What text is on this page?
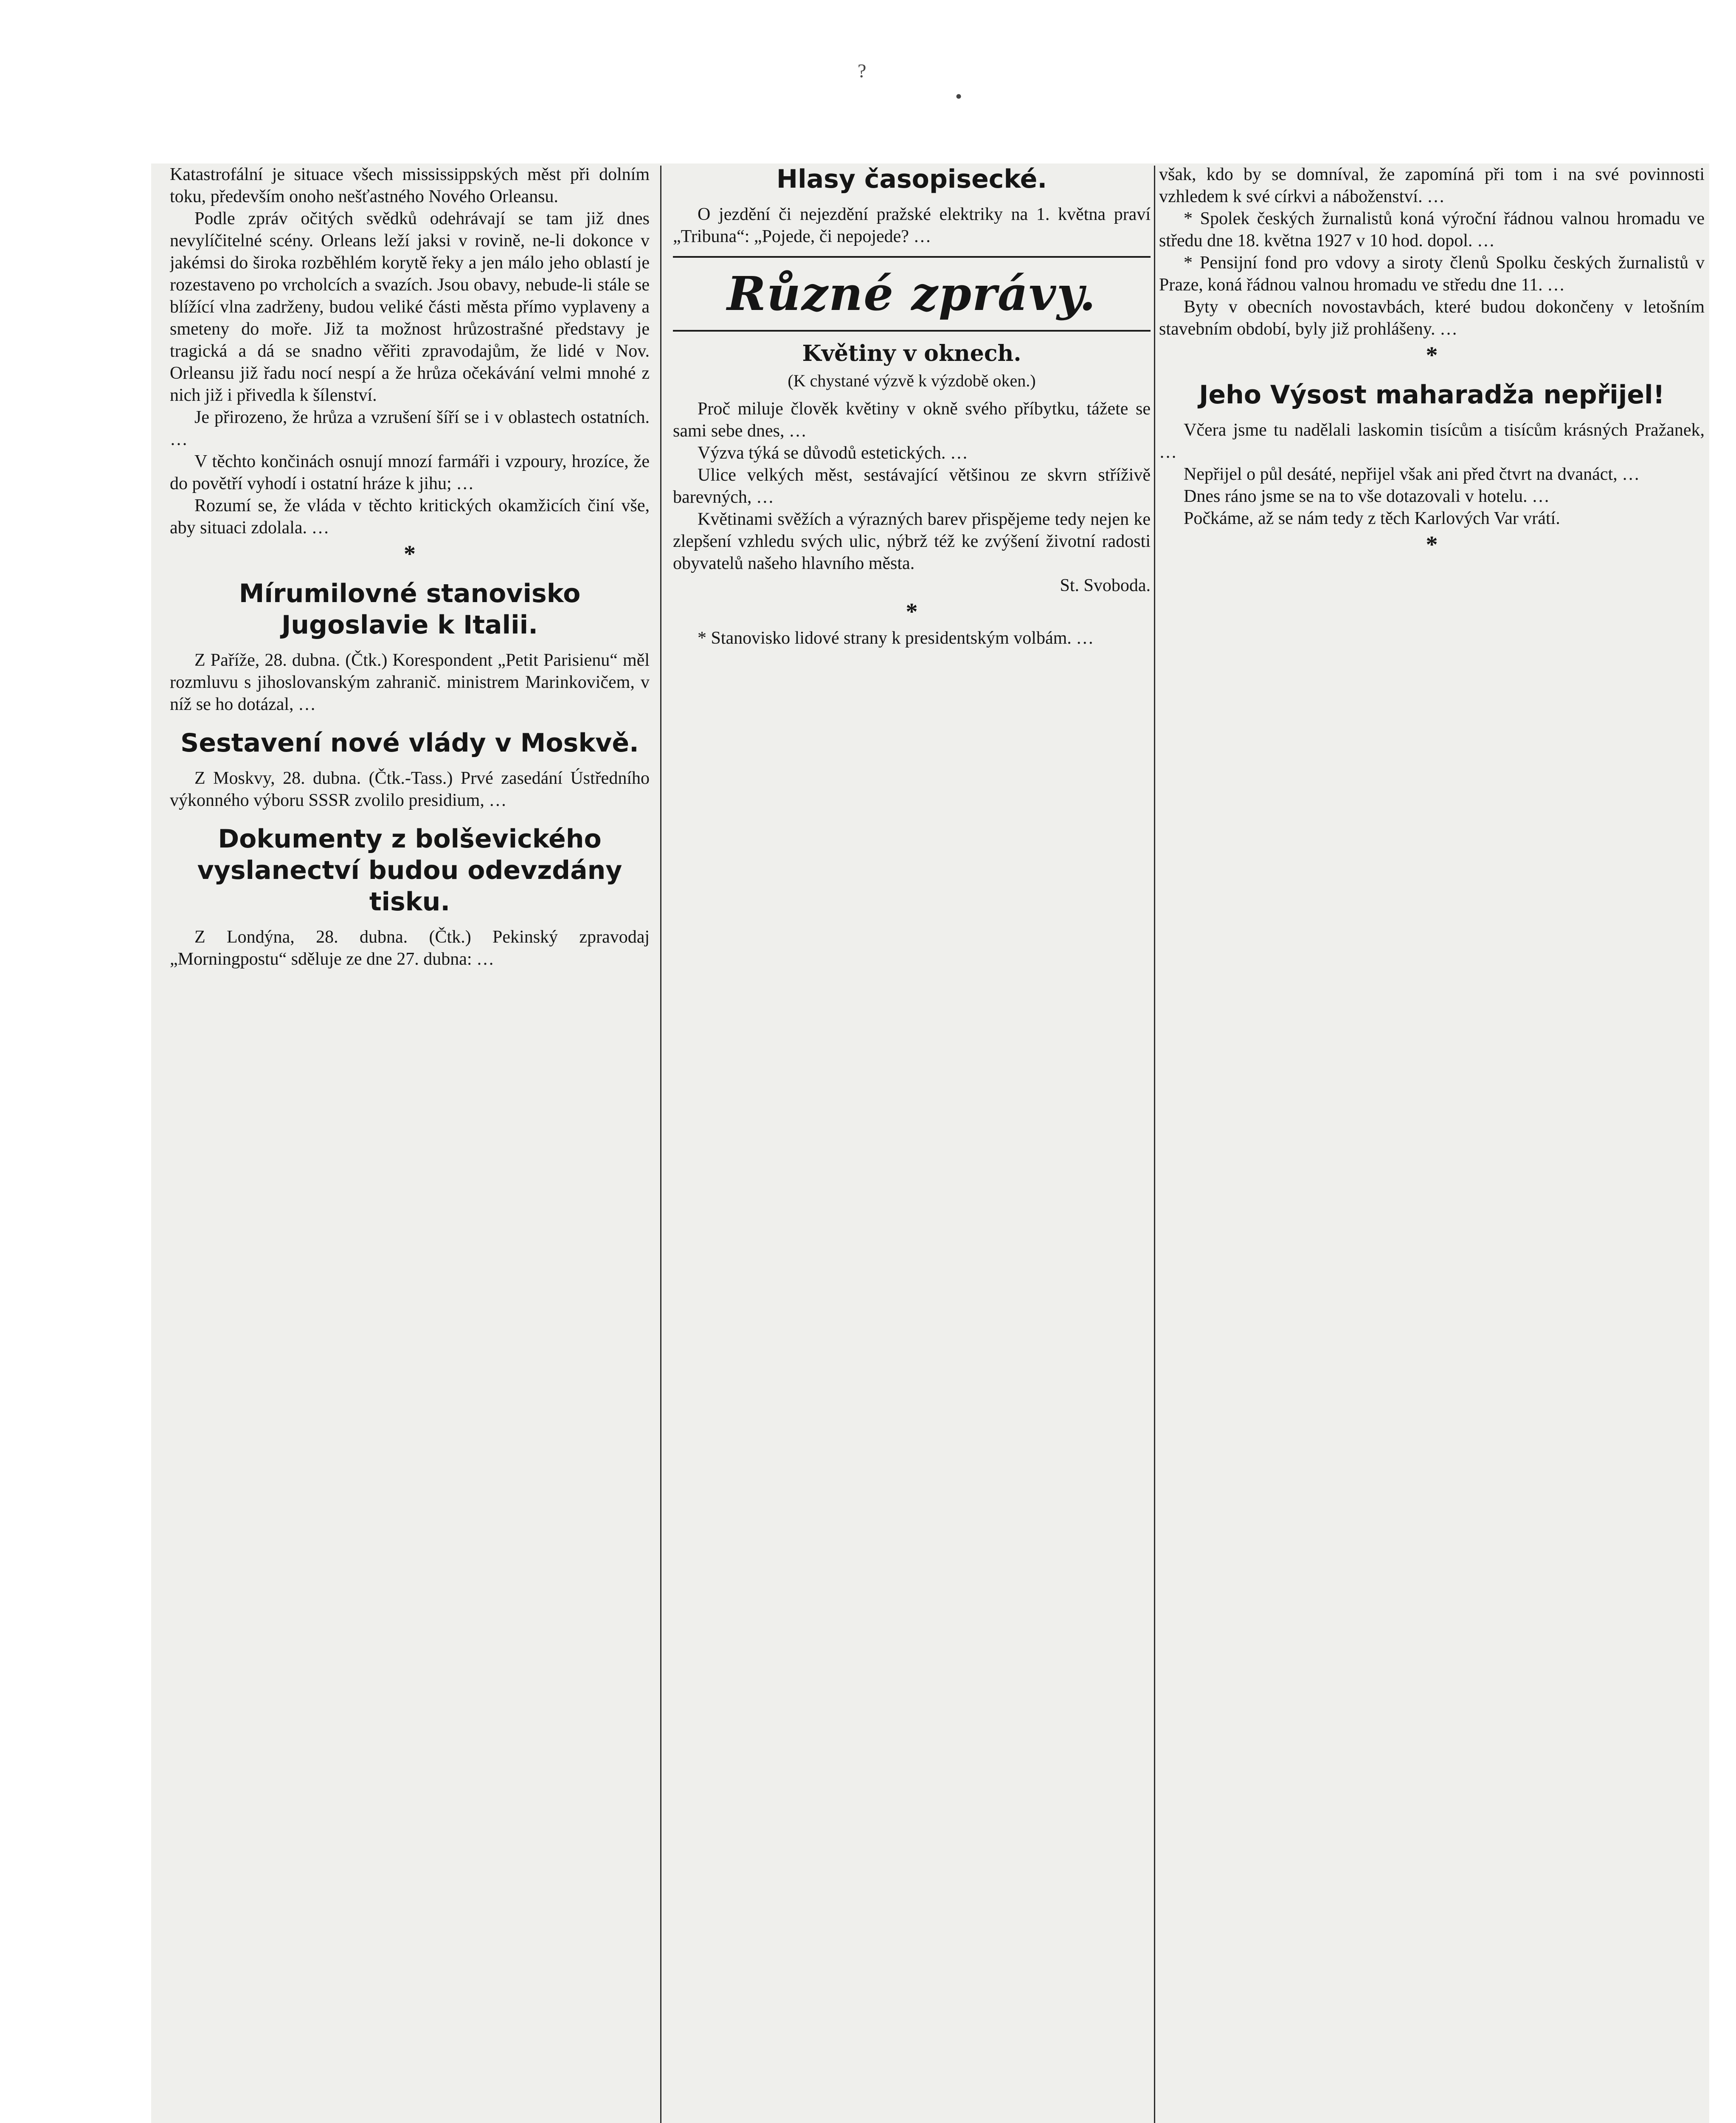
?
•

Katastrofální je situace všech mississippských měst při dolním toku, především onoho nešťastného Nového Orleansu.

Podle zpráv očitých svědků odehrávají se tam již dnes nevylíčitelné scény. Orleans leží jaksi v rovině, ne-li dokonce v jakémsi do široka rozběhlém korytě řeky a jen málo jeho oblastí je rozestaveno po vrcholcích a svazích. Jsou obavy, nebude-li stále se blížící vlna zadrženy, budou veliké části města přímo vyplaveny a smeteny do moře. Již ta možnost hrůzostrašné představy je tragická a dá se snadno věřiti zpravodajům, že lidé v Nov. Orleansu již řadu nocí nespí a že hrůza očekávání velmi mnohé z nich již i přivedla k šílenství.

Je přirozeno, že hrůza a vzrušení šíří se i v oblastech ostatních. …

V těchto končinách osnují mnozí farmáři i vzpoury, hrozíce, že do povětří vyhodí i ostatní hráze k jihu; …

Rozumí se, že vláda v těchto kritických okamžicích činí vše, aby situaci zdolala. …

*
Mírumilovné stanovisko Jugoslavie k Italii.

Z Paříže, 28. dubna. (Čtk.) Korespondent „Petit Parisienu“ měl rozmluvu s jihoslovanským zahranič. ministrem Marinkovičem, v níž se ho dotázal, …

Sestavení nové vlády v Moskvě.

Z Moskvy, 28. dubna. (Čtk.-Tass.) Prvé zasedání Ústředního výkonného výboru SSSR zvolilo presidium, …

Dokumenty z bolševického vyslanectví budou odevzdány tisku.

Z Londýna, 28. dubna. (Čtk.) Pekinský zpravodaj „Morningpostu“ sděluje ze dne 27. dubna: …

Hlasy časopisecké.

O jezdění či nejezdění pražské elektriky na 1. května praví „Tribuna“: „Pojede, či nepojede? …

Různé zprávy.
Květiny v oknech.
(K chystané výzvě k výzdobě oken.)

Proč miluje člověk květiny v okně svého příbytku, tážete se sami sebe dnes, …

Výzva týká se důvodů estetických. …

Ulice velkých měst, sestávající většinou ze skvrn stříživě barevných, …

Květinami svěžích a výrazných barev přispějeme tedy nejen ke zlepšení vzhledu svých ulic, nýbrž též ke zvýšení životní radosti obyvatelů našeho hlavního města.

St. Svoboda.
*

* Stanovisko lidové strany k presidentským volbám. …

však, kdo by se domníval, že zapomíná při tom i na své povinnosti vzhledem k své církvi a náboženství. …

* Spolek českých žurnalistů koná výroční řádnou valnou hromadu ve středu dne 18. května 1927 v 10 hod. dopol. …

* Pensijní fond pro vdovy a siroty členů Spolku českých žurnalistů v Praze, koná řádnou valnou hromadu ve středu dne 11. …

Byty v obecních novostavbách, které budou dokončeny v letošním stavebním období, byly již prohlášeny. …

*
Jeho Výsost maharadža nepřijel!

Včera jsme tu nadělali laskomin tisícům a tisícům krásných Pražanek, …

Nepřijel o půl desáté, nepřijel však ani před čtvrt na dvanáct, …

Dnes ráno jsme se na to vše dotazovali v hotelu. …

Počkáme, až se nám tedy z těch Karlových Var vrátí.

*
